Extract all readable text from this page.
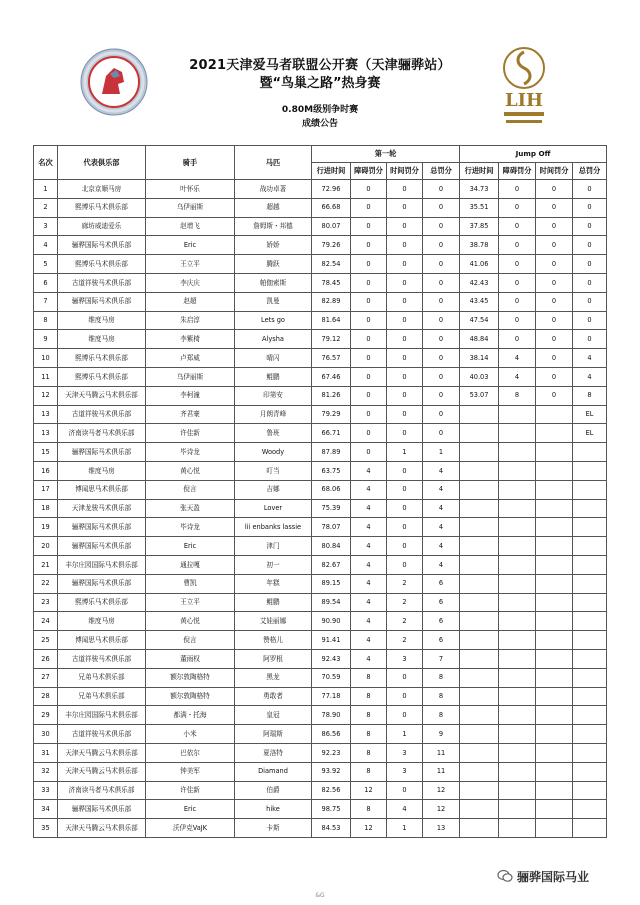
2021天津爱马者联盟公开赛（天津骊骅站）
暨“鸟巢之路”热身赛
0.80M级别争时赛
成绩公告
LIH
名次	代表俱乐部	骑手	马匹	第一轮				Jump Off			
				行进时间	障碍罚分	时间罚分	总罚分	行进时间	障碍罚分	时间罚分	总罚分
1	北京京顺马房	叶怀乐	战功卓著	72.96	0	0	0	34.73	0	0	0
2	熙博乐马术俱乐部	乌伊丽斯	超越	66.68	0	0	0	35.51	0	0	0
3	廊坊威迪爱乐	赵增飞	詹姆斯・邦德	80.07	0	0	0	37.85	0	0	0
4	骊骅国际马术俱乐部	Eric	娇娇	79.26	0	0	0	38.78	0	0	0
5	熙博乐马术俱乐部	王立平	腾跃	82.54	0	0	0	41.06	0	0	0
6	古道祥骏马术俱乐部	李庆庆	帕伽索斯	78.45	0	0	0	42.43	0	0	0
7	骊骅国际马术俱乐部	赵超	凯曼	82.89	0	0	0	43.45	0	0	0
8	维度马房	朱启淳	Lets go	81.64	0	0	0	47.54	0	0	0
9	维度马房	李紫椅	Alysha	79.12	0	0	0	48.84	0	0	0
10	熙博乐马术俱乐部	卢郑威	晴闪	76.57	0	0	0	38.14	4	0	4
11	熙博乐马术俱乐部	乌伊丽斯	鲲鹏	67.46	0	0	0	40.03	4	0	4
12	天津天马腾云马术俱乐部	李柯潼	印第安	81.26	0	0	0	53.07	8	0	8
13	古道祥骏马术俱乐部	齐君豪	月朗青峰	79.29	0	0	0				EL
13	济南读马者马术俱乐部	许佳新	鲁班	66.71	0	0	0				EL
15	骊骅国际马术俱乐部	毕诗龙	Woody	87.89	0	1	1				
16	维度马房	黄心悦	叮当	63.75	4	0	4				
17	博闻思马术俱乐部	倪言	吉娜	68.06	4	0	4				
18	天津龙骏马术俱乐部	张天盈	Lover	75.39	4	0	4				
19	骊骅国际马术俱乐部	毕诗龙	lii enbanks lassie	78.07	4	0	4				
20	骊骅国际马术俱乐部	Eric	津门	80.84	4	0	4				
21	丰尔庄园国际马术俱乐部	通拉嘎	初一	82.67	4	0	4				
22	骊骅国际马术俱乐部	曹凯	年糕	89.15	4	2	6				
23	熙博乐马术俱乐部	王立平	鲲鹏	89.54	4	2	6				
24	维度马房	黄心悦	艾娃丽娜	90.90	4	2	6				
25	博闻思马术俱乐部	倪言	赞格儿	91.41	4	2	6				
26	古道祥骏马术俱乐部	董雨权	阿罗根	92.43	4	3	7				
27	兄弟马术俱乐部	额尔敦陶格特	黑龙	70.59	8	0	8				
28	兄弟马术俱乐部	额尔敦陶格特	勇敢者	77.18	8	0	8				
29	丰尔庄园国际马术俱乐部	都满・托海	皇冠	78.90	8	0	8				
30	古道祥骏马术俱乐部	小米	阿瑞斯	86.56	8	1	9				
31	天津天马腾云马术俱乐部	巴依尔	夏洛特	92.23	8	3	11				
32	天津天马腾云马术俱乐部	钟美军	Diamand	93.92	8	3	11				
33	济南读马者马术俱乐部	许佳新	伯爵	82.56	12	0	12				
34	骊骅国际马术俱乐部	Eric	hike	98.75	8	4	12				
35	天津天马腾云马术俱乐部	沃伊克VaJK	卡斯	84.53	12	1	13				
骊骅国际马业
&G
